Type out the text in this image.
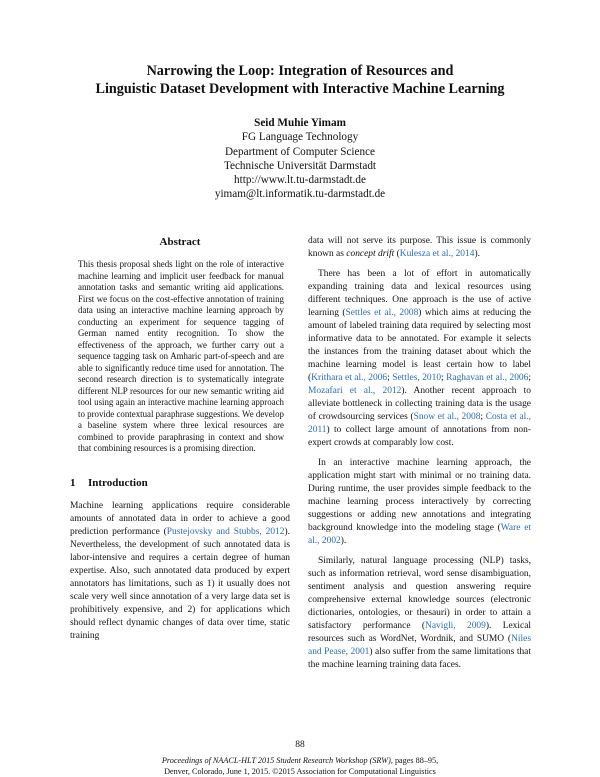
Narrowing the Loop: Integration of Resources and
Linguistic Dataset Development with Interactive Machine Learning
Seid Muhie Yimam
FG Language Technology
Department of Computer Science
Technische Universität Darmstadt
http://www.lt.tu-darmstadt.de
yimam@lt.informatik.tu-darmstadt.de
Abstract
This thesis proposal sheds light on the role of interactive machine learning and implicit user feedback for manual annotation tasks and semantic writing aid applications. First we focus on the cost-effective annotation of training data using an interactive machine learning approach by conducting an experiment for sequence tagging of German named entity recognition. To show the effectiveness of the approach, we further carry out a sequence tagging task on Amharic part-of-speech and are able to significantly reduce time used for annotation. The second research direction is to systematically integrate different NLP resources for our new semantic writing aid tool using again an interactive machine learning approach to provide contextual paraphrase suggestions. We develop a baseline system where three lexical resources are combined to provide paraphrasing in context and show that combining resources is a promising direction.
1 Introduction
Machine learning applications require considerable amounts of annotated data in order to achieve a good prediction performance (Pustejovsky and Stubbs, 2012). Nevertheless, the development of such annotated data is labor-intensive and requires a certain degree of human expertise. Also, such annotated data produced by expert annotators has limitations, such as 1) it usually does not scale very well since annotation of a very large data set is prohibitively expensive, and 2) for applications which should reflect dynamic changes of data over time, static training

data will not serve its purpose. This issue is commonly known as concept drift (Kulesza et al., 2014).

There has been a lot of effort in automatically expanding training data and lexical resources using different techniques. One approach is the use of active learning (Settles et al., 2008) which aims at reducing the amount of labeled training data required by selecting most informative data to be annotated. For example it selects the instances from the training dataset about which the machine learning model is least certain how to label (Krithara et al., 2006; Settles, 2010; Raghavan et al., 2006; Mozafari et al., 2012). Another recent approach to alleviate bottleneck in collecting training data is the usage of crowdsourcing services (Snow et al., 2008; Costa et al., 2011) to collect large amount of annotations from non-expert crowds at comparably low cost.

In an interactive machine learning approach, the application might start with minimal or no training data. During runtime, the user provides simple feedback to the machine learning process interactively by correcting suggestions or adding new annotations and integrating background knowledge into the modeling stage (Ware et al., 2002).

Similarly, natural language processing (NLP) tasks, such as information retrieval, word sense disambiguation, sentiment analysis and question answering require comprehensive external knowledge sources (electronic dictionaries, ontologies, or thesauri) in order to attain a satisfactory performance (Navigli, 2009). Lexical resources such as WordNet, Wordnik, and SUMO (Niles and Pease, 2001) also suffer from the same limitations that the machine learning training data faces.

88
Proceedings of NAACL-HLT 2015 Student Research Workshop (SRW), pages 88–95,
Denver, Colorado, June 1, 2015. ©2015 Association for Computational Linguistics
